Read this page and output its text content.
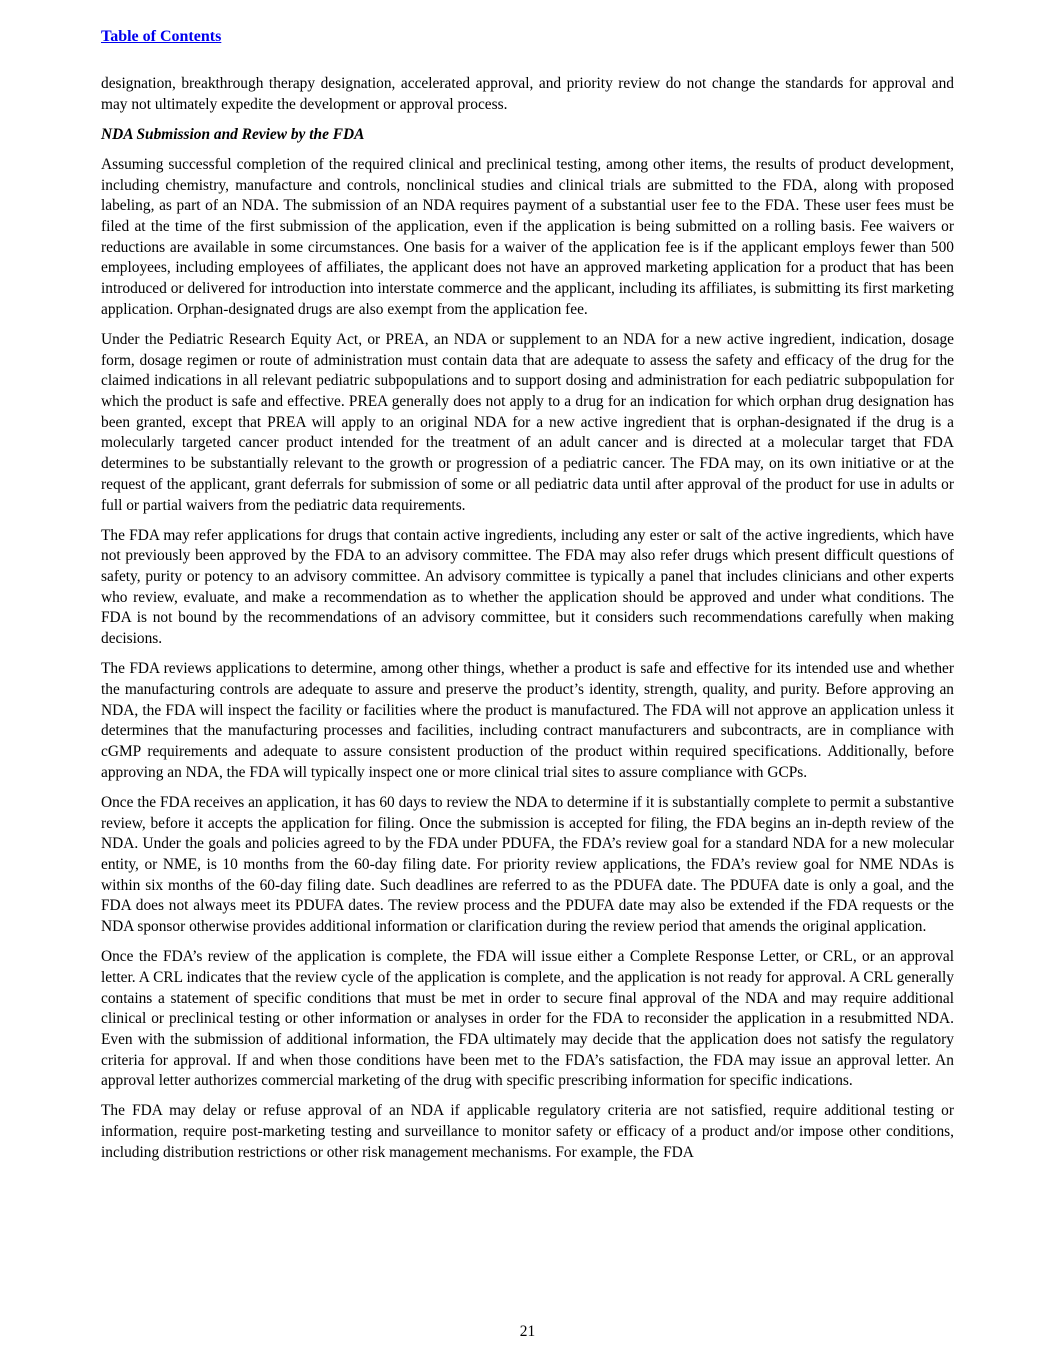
Table of Contents

designation, breakthrough therapy designation, accelerated approval, and priority review do not change the standards for approval and may not ultimately expedite the development or approval process.

NDA Submission and Review by the FDA

Assuming successful completion of the required clinical and preclinical testing, among other items, the results of product development, including chemistry, manufacture and controls, nonclinical studies and clinical trials are submitted to the FDA, along with proposed labeling, as part of an NDA. The submission of an NDA requires payment of a substantial user fee to the FDA. These user fees must be filed at the time of the first submission of the application, even if the application is being submitted on a rolling basis. Fee waivers or reductions are available in some circumstances. One basis for a waiver of the application fee is if the applicant employs fewer than 500 employees, including employees of affiliates, the applicant does not have an approved marketing application for a product that has been introduced or delivered for introduction into interstate commerce and the applicant, including its affiliates, is submitting its first marketing application. Orphan-designated drugs are also exempt from the application fee.

Under the Pediatric Research Equity Act, or PREA, an NDA or supplement to an NDA for a new active ingredient, indication, dosage form, dosage regimen or route of administration must contain data that are adequate to assess the safety and efficacy of the drug for the claimed indications in all relevant pediatric subpopulations and to support dosing and administration for each pediatric subpopulation for which the product is safe and effective. PREA generally does not apply to a drug for an indication for which orphan drug designation has been granted, except that PREA will apply to an original NDA for a new active ingredient that is orphan-designated if the drug is a molecularly targeted cancer product intended for the treatment of an adult cancer and is directed at a molecular target that FDA determines to be substantially relevant to the growth or progression of a pediatric cancer. The FDA may, on its own initiative or at the request of the applicant, grant deferrals for submission of some or all pediatric data until after approval of the product for use in adults or full or partial waivers from the pediatric data requirements.

The FDA may refer applications for drugs that contain active ingredients, including any ester or salt of the active ingredients, which have not previously been approved by the FDA to an advisory committee. The FDA may also refer drugs which present difficult questions of safety, purity or potency to an advisory committee. An advisory committee is typically a panel that includes clinicians and other experts who review, evaluate, and make a recommendation as to whether the application should be approved and under what conditions. The FDA is not bound by the recommendations of an advisory committee, but it considers such recommendations carefully when making decisions.

The FDA reviews applications to determine, among other things, whether a product is safe and effective for its intended use and whether the manufacturing controls are adequate to assure and preserve the product’s identity, strength, quality, and purity. Before approving an NDA, the FDA will inspect the facility or facilities where the product is manufactured. The FDA will not approve an application unless it determines that the manufacturing processes and facilities, including contract manufacturers and subcontracts, are in compliance with cGMP requirements and adequate to assure consistent production of the product within required specifications. Additionally, before approving an NDA, the FDA will typically inspect one or more clinical trial sites to assure compliance with GCPs.

Once the FDA receives an application, it has 60 days to review the NDA to determine if it is substantially complete to permit a substantive review, before it accepts the application for filing. Once the submission is accepted for filing, the FDA begins an in-depth review of the NDA. Under the goals and policies agreed to by the FDA under PDUFA, the FDA’s review goal for a standard NDA for a new molecular entity, or NME, is 10 months from the 60-day filing date. For priority review applications, the FDA’s review goal for NME NDAs is within six months of the 60-day filing date. Such deadlines are referred to as the PDUFA date. The PDUFA date is only a goal, and the FDA does not always meet its PDUFA dates. The review process and the PDUFA date may also be extended if the FDA requests or the NDA sponsor otherwise provides additional information or clarification during the review period that amends the original application.

Once the FDA’s review of the application is complete, the FDA will issue either a Complete Response Letter, or CRL, or an approval letter. A CRL indicates that the review cycle of the application is complete, and the application is not ready for approval. A CRL generally contains a statement of specific conditions that must be met in order to secure final approval of the NDA and may require additional clinical or preclinical testing or other information or analyses in order for the FDA to reconsider the application in a resubmitted NDA. Even with the submission of additional information, the FDA ultimately may decide that the application does not satisfy the regulatory criteria for approval. If and when those conditions have been met to the FDA’s satisfaction, the FDA may issue an approval letter. An approval letter authorizes commercial marketing of the drug with specific prescribing information for specific indications.

The FDA may delay or refuse approval of an NDA if applicable regulatory criteria are not satisfied, require additional testing or information, require post-marketing testing and surveillance to monitor safety or efficacy of a product and/or impose other conditions, including distribution restrictions or other risk management mechanisms. For example, the FDA

21
